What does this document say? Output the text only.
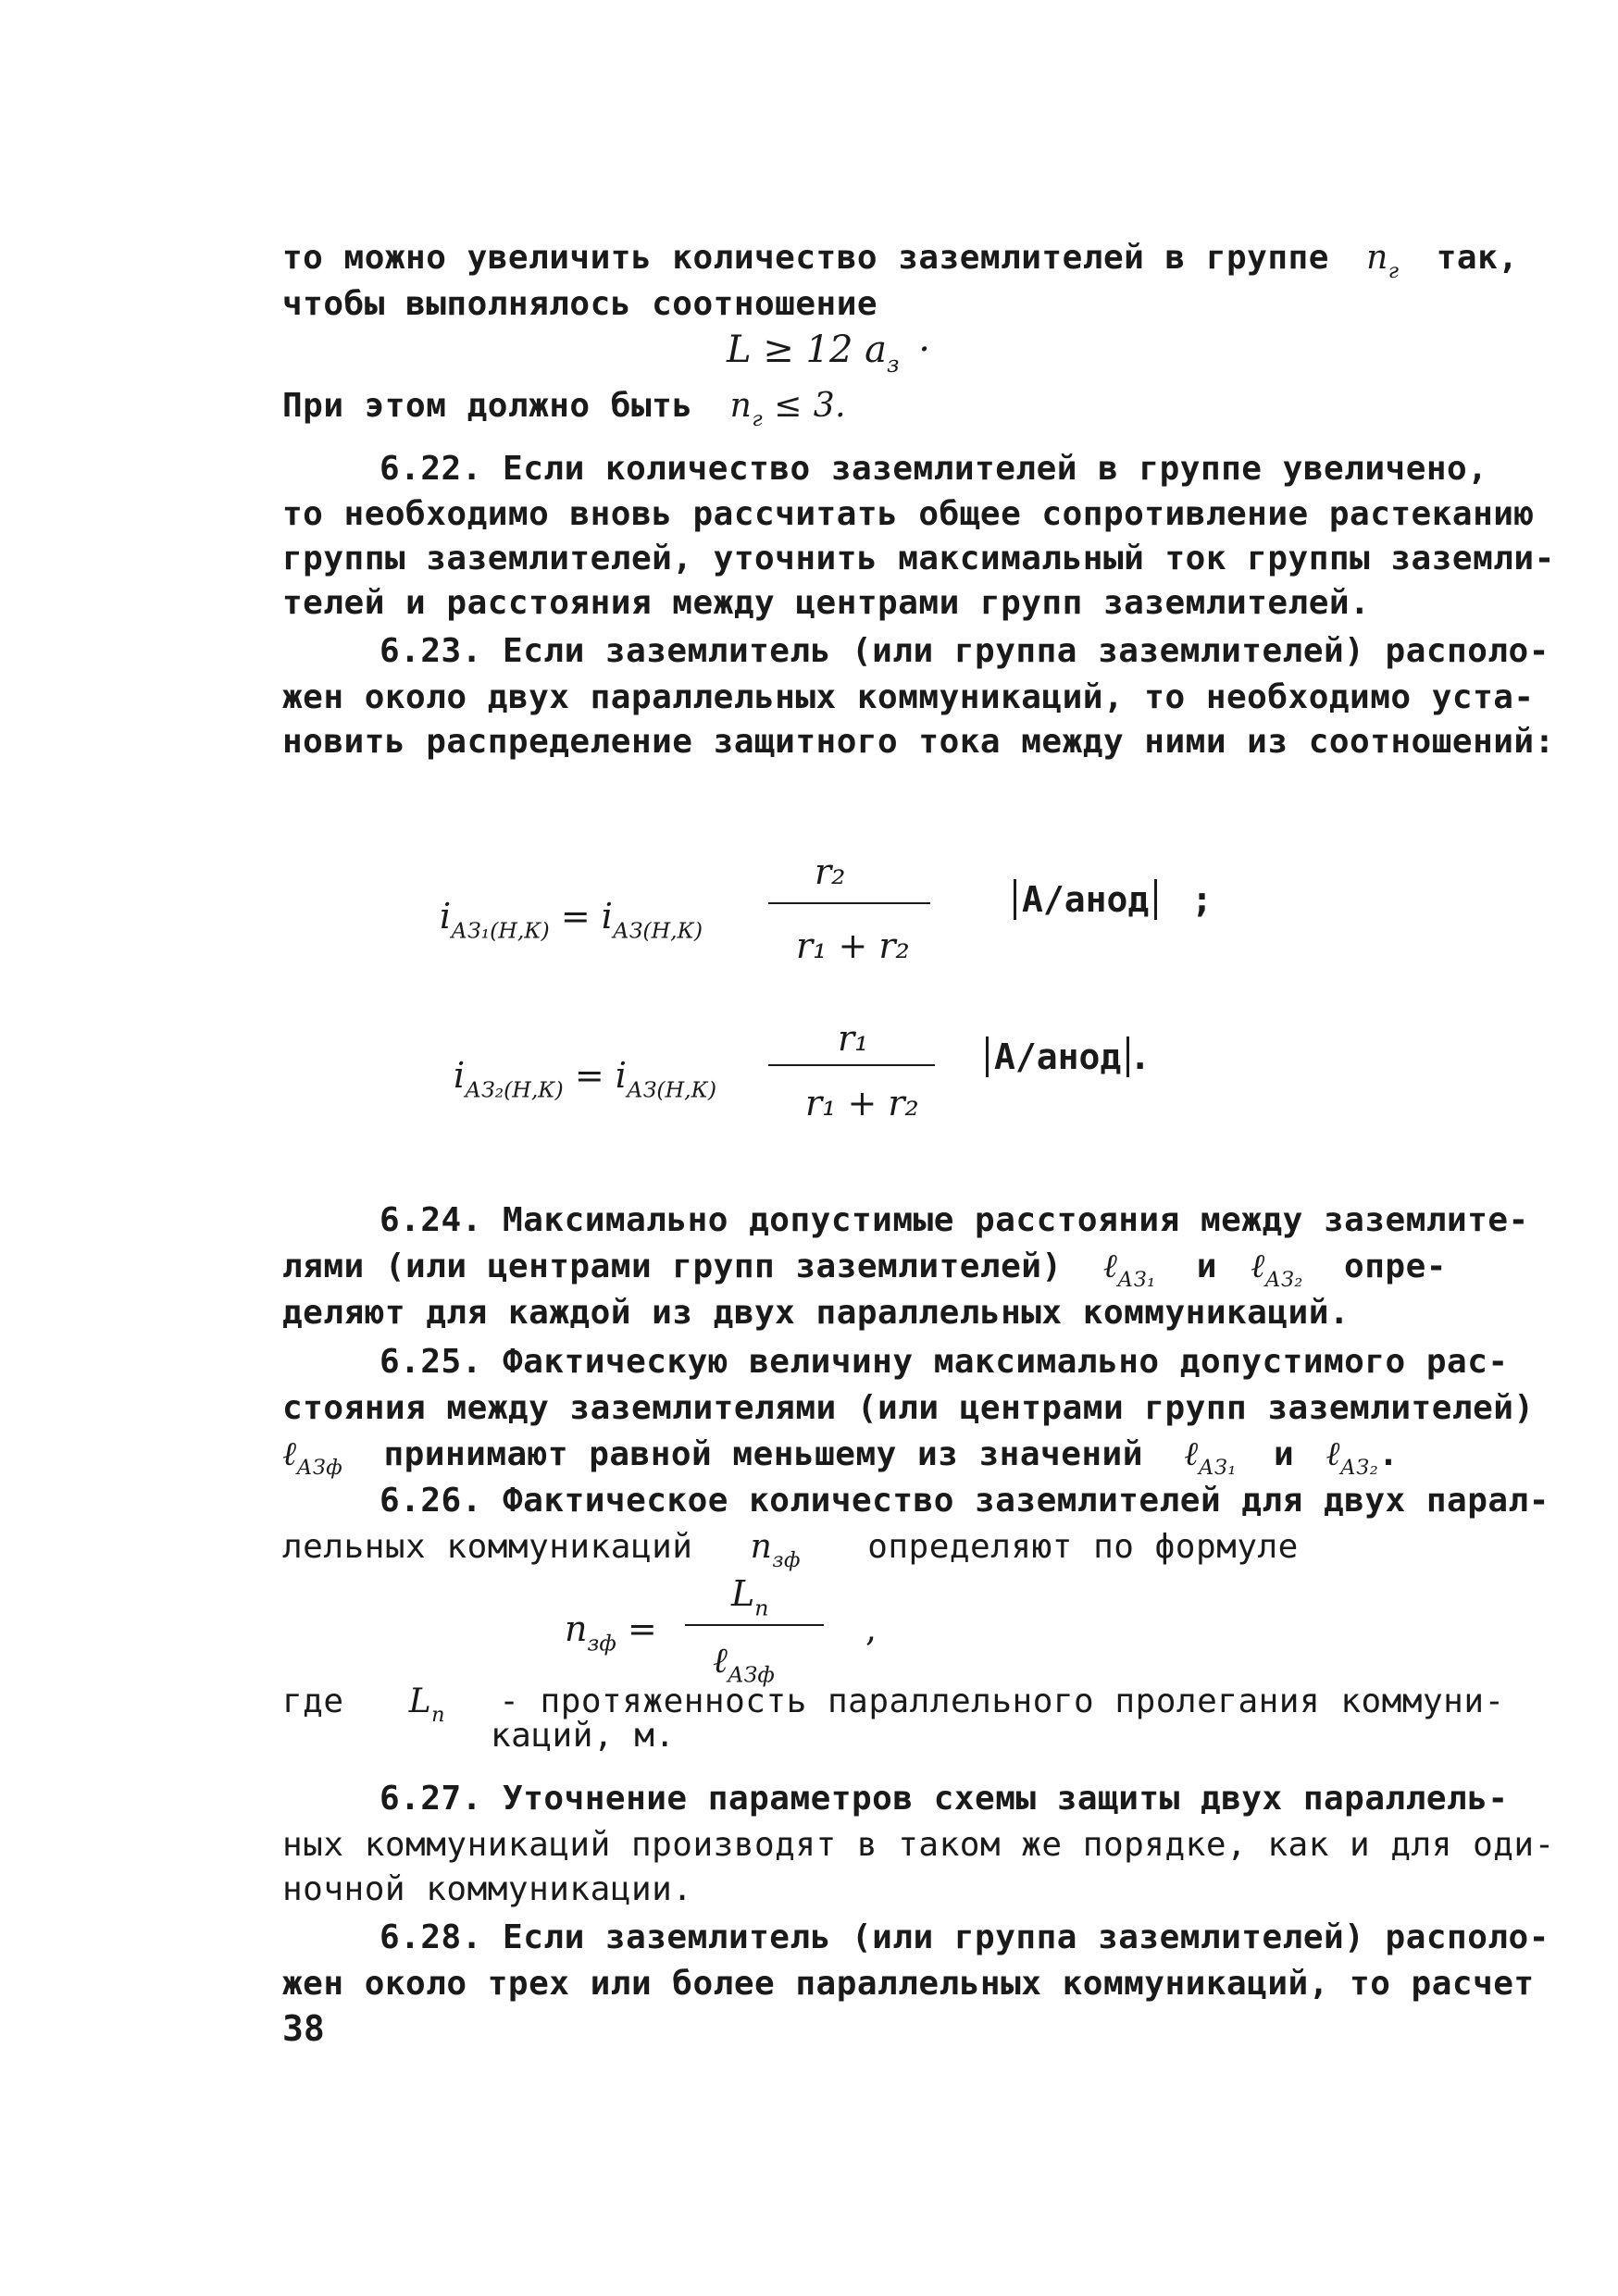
то можно увеличить количество заземлителей в группе $n_г$ так,
чтобы выполнялось соотношение
L ≥ 12 $a_з$ ·
При этом должно быть $n_г \le 3$.
6.22. Если количество заземлителей в группе увеличено,
то необходимо вновь рассчитать общее сопротивление растеканию
группы заземлителей, уточнить максимальный ток группы заземли-
телей и расстояния между центрами групп заземлителей.
6.23. Если заземлитель (или группа заземлителей) располо-
жен около двух параллельных коммуникаций, то необходимо уста-
новить распределение защитного тока между ними из соотношений:
$i_{АЗ_1(Н,К)} = i_{АЗ(Н,К)}$
r₂
r₁ + r₂
А/анод ;
$i_{АЗ_2(Н,К)} = i_{АЗ(Н,К)}$
r₁
r₁ + r₂
А/анод .
6.24. Максимально допустимые расстояния между заземлите-
лями (или центрами групп заземлителей) ℓ$_{АЗ_1}$ и ℓ$_{АЗ_2}$ опре-
деляют для каждой из двух параллельных коммуникаций.
6.25. Фактическую величину максимально допустимого рас-
стояния между заземлителями (или центрами групп заземлителей)
ℓ$_{АЗф}$ принимают равной меньшему из значений ℓ$_{АЗ_1}$ и ℓ$_{АЗ_2}$.
6.26. Фактическое количество заземлителей для двух парал-
лельных коммуникаций $n_{зф}$ определяют по формуле
$n_{зф}$ =
$L_п$
ℓ$_{АЗф}$
,
где $L_п$ - протяженность параллельного пролегания коммуни-
каций, м.
6.27. Уточнение параметров схемы защиты двух параллель-
ных коммуникаций производят в таком же порядке, как и для оди-
ночной коммуникации.
6.28. Если заземлитель (или группа заземлителей) располо-
жен около трех или более параллельных коммуникаций, то расчет
38
